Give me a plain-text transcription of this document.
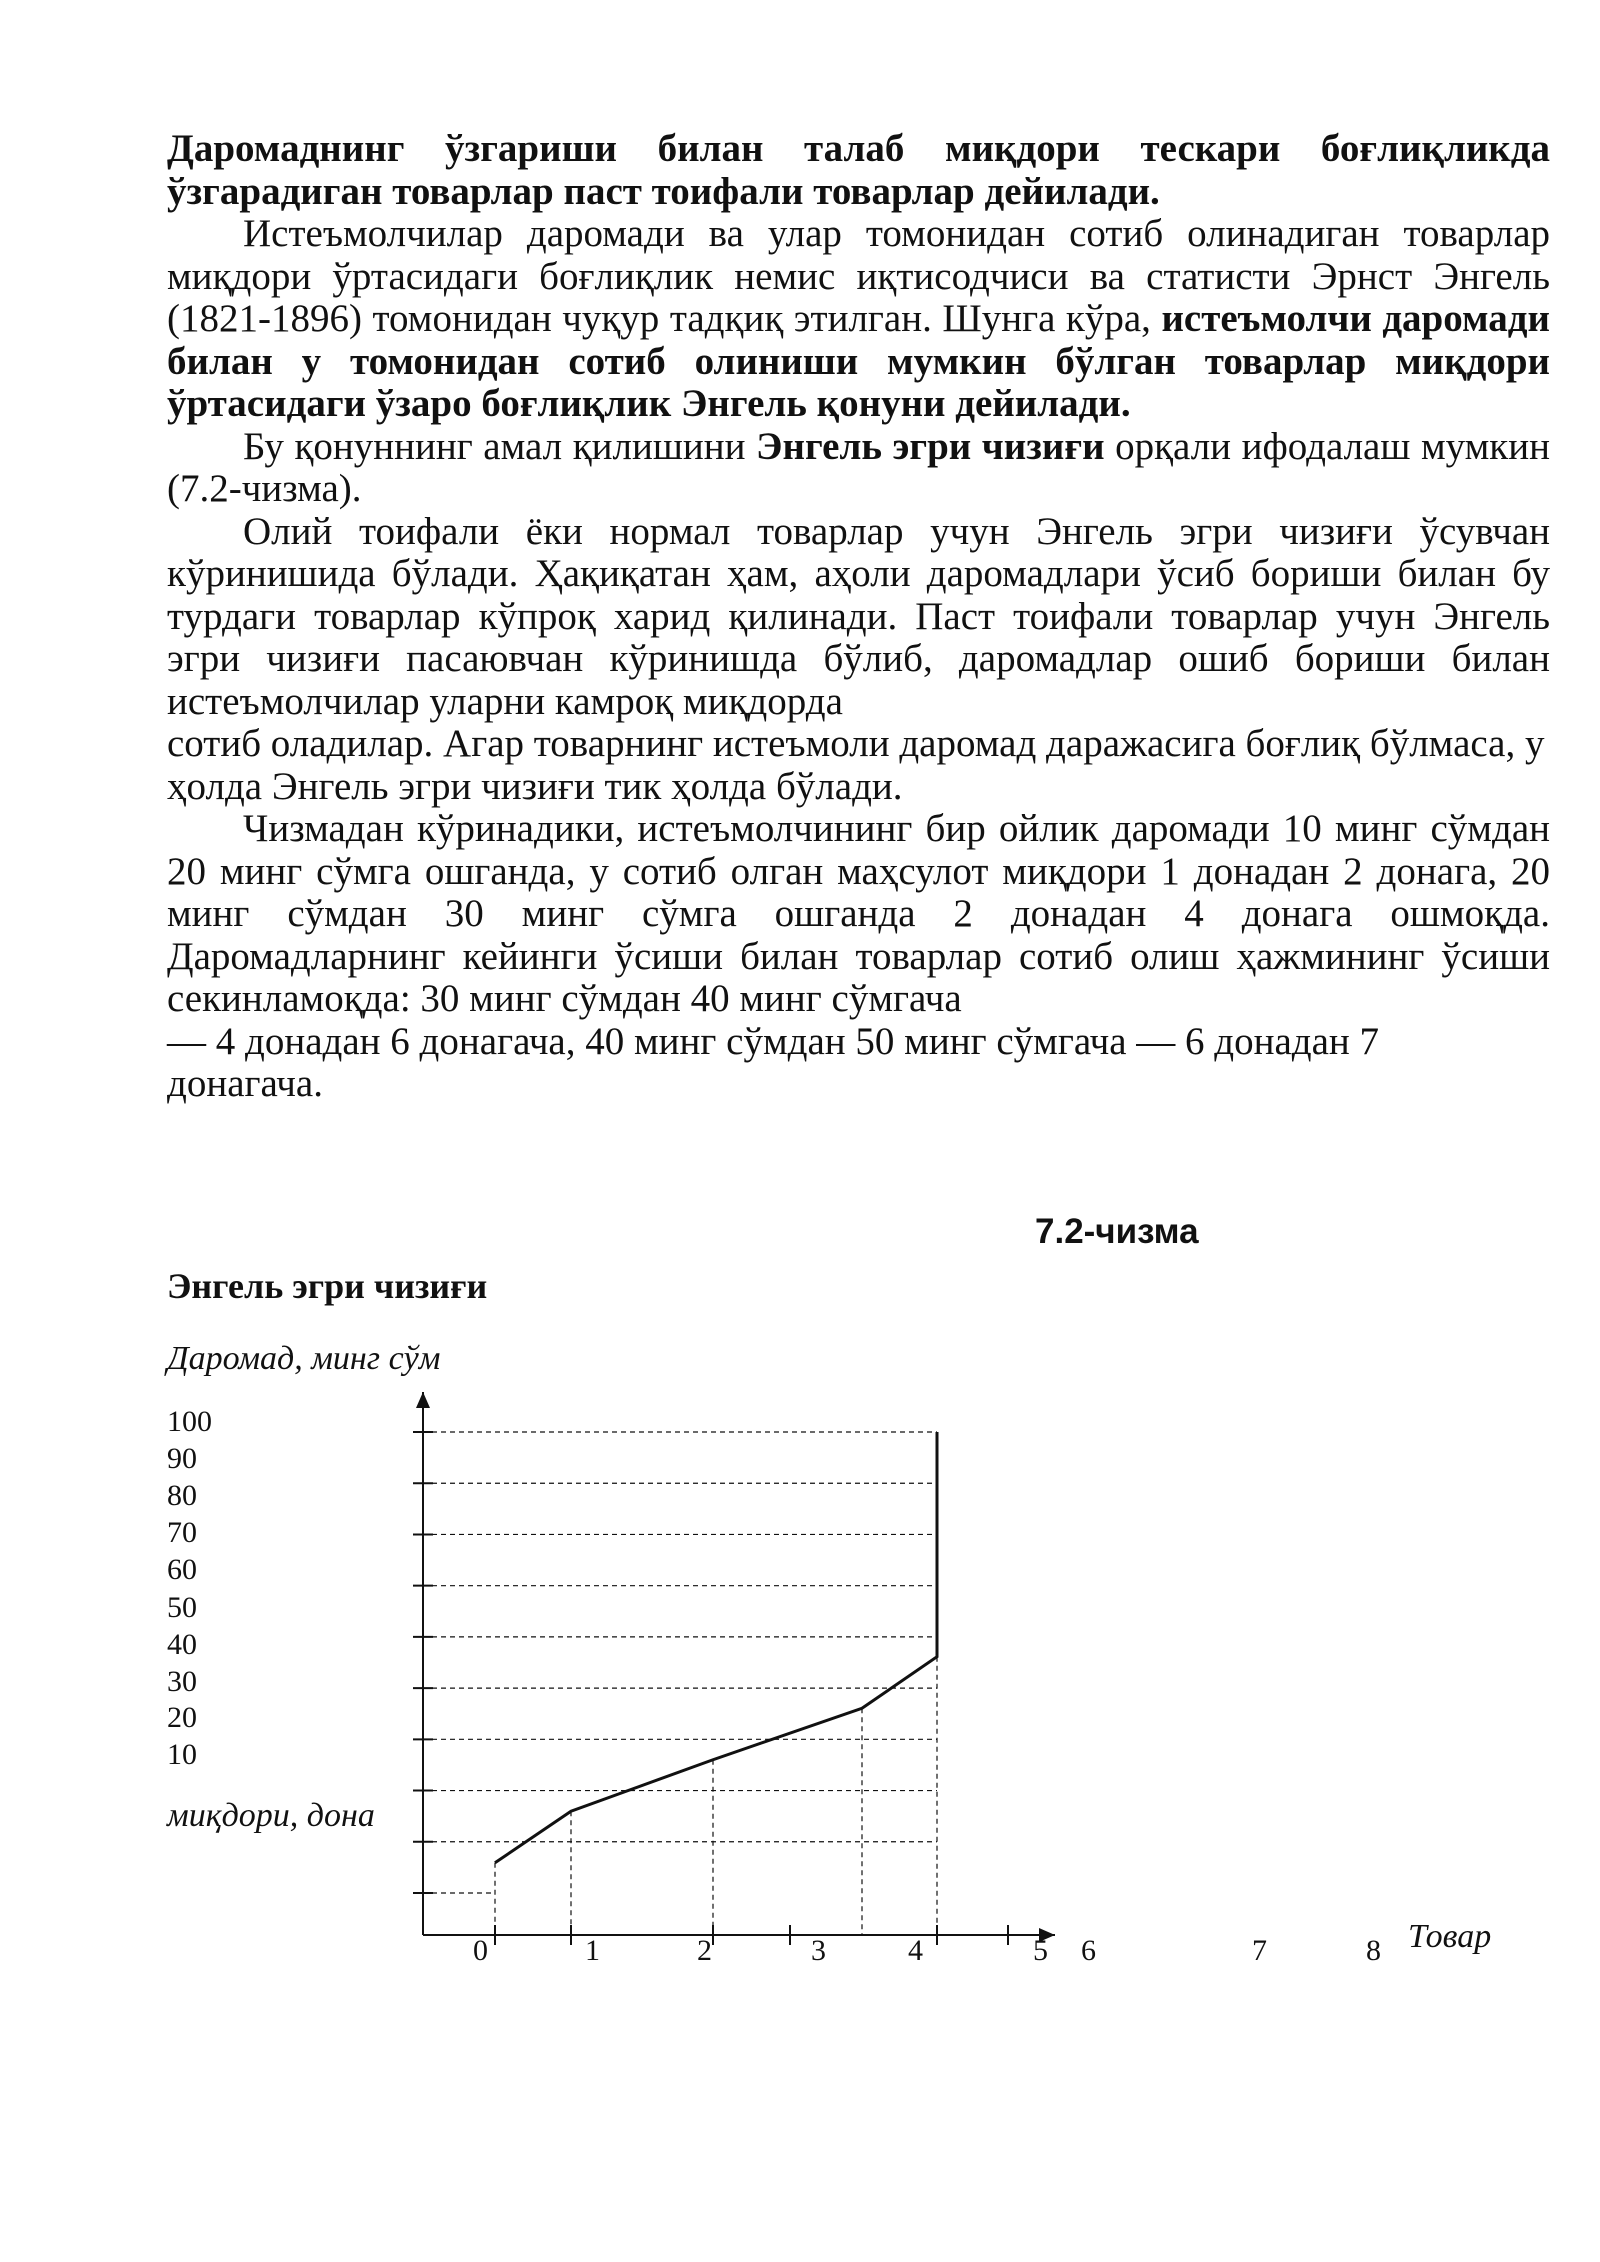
Даромаднинг ўзгариши билан талаб миқдори тескари боғлиқликда ўзгарадиган товарлар паст тоифали товарлар дейилади.

Истеъмолчилар даромади ва улар томонидан сотиб олинадиган товарлар миқдори ўртасидаги боғлиқлик немис иқтисодчиси ва статисти Эрнст Энгель (1821-1896) томонидан чуқур тадқиқ этилган. Шунга кўра, истеъмолчи даромади билан у томонидан сотиб олиниши мумкин бўлган товарлар миқдори ўртасидаги ўзаро боғлиқлик Энгель қонуни дейилади.

Бу қонуннинг амал қилишини Энгель эгри чизиғи орқали ифодалаш мумкин (7.2-чизма).

Олий тоифали ёки нормал товарлар учун Энгель эгри чизиғи ўсувчан кўринишида бўлади. Ҳақиқатан ҳам, аҳоли даромадлари ўсиб бориши билан бу турдаги товарлар кўпроқ харид қилинади. Паст тоифали товарлар учун Энгель эгри чизиғи пасаювчан кўринишда бўлиб, даромадлар ошиб бориши билан истеъмолчилар уларни камроқ миқдорда

сотиб оладилар. Агар товарнинг истеъмоли даромад даражасига боғлиқ бўлмаса, у ҳолда Энгель эгри чизиғи тик ҳолда бўлади.

Чизмадан кўринадики, истеъмолчининг бир ойлик даромади 10 минг сўмдан 20 минг сўмга ошганда, у сотиб олган маҳсулот миқдори 1 донадан 2 донага, 20 минг сўмдан 30 минг сўмга ошганда 2 донадан 4 донага ошмоқда. Даромадларнинг кейинги ўсиши билан товарлар сотиб олиш ҳажмининг ўсиши секинламоқда: 30 минг сўмдан 40 минг сўмгача

— 4 донадан 6 донагача, 40 минг сўмдан 50 минг сўмгача — 6 донадан 7

донагача.

7.2-чизма
Энгель эгри чизиғи
Даромад, минг сўм
миқдори, дона
Товар
100
90
80
70
60
50
40
30
20
10
0	1	2	3	4	5 6	7	8
